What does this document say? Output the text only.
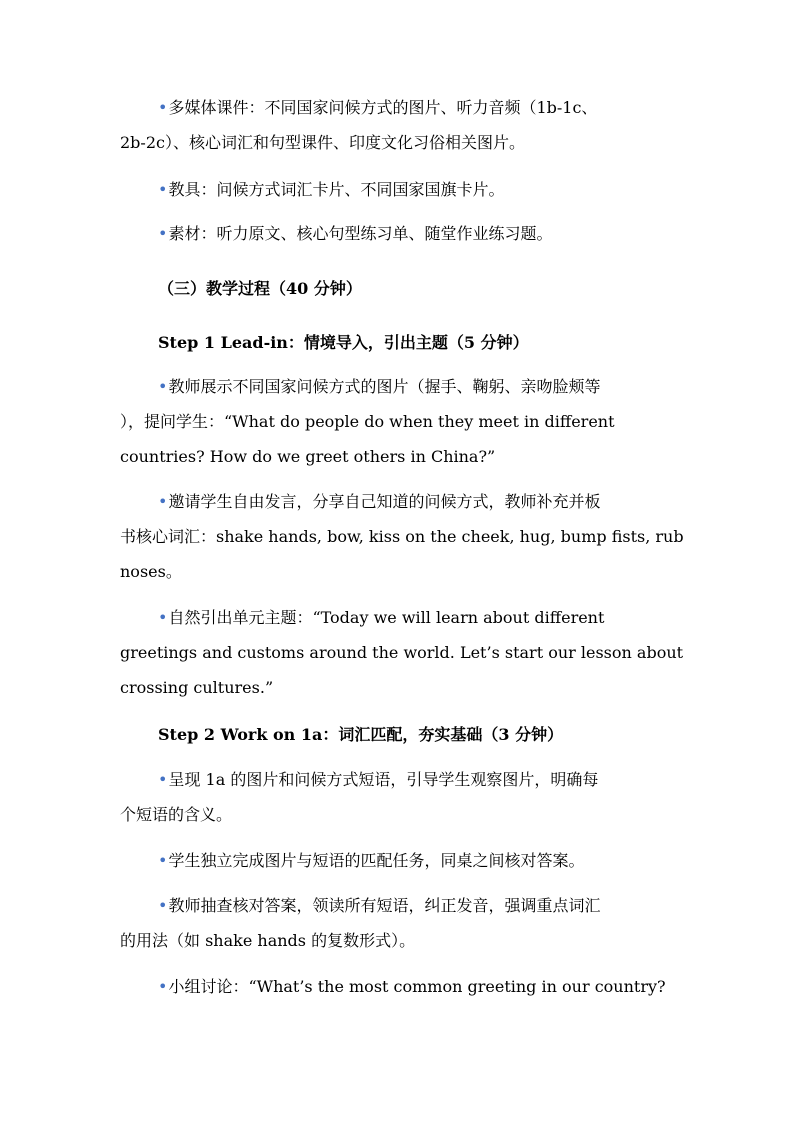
•多媒体课件：不同国家问候方式的图片、听力音频（1b-1c、
2b-2c）、核心词汇和句型课件、印度文化习俗相关图片。
•教具：问候方式词汇卡片、不同国家国旗卡片。
•素材：听力原文、核心句型练习单、随堂作业练习题。
（三）教学过程（40 分钟）
Step 1 Lead-in：情境导入，引出主题（5 分钟）
•教师展示不同国家问候方式的图片（握手、鞠躬、亲吻脸颊等
），提问学生：“What do people do when they meet in different
countries? How do we greet others in China?”
•邀请学生自由发言，分享自己知道的问候方式，教师补充并板
书核心词汇：shake hands, bow, kiss on the cheek, hug, bump fists, rub
noses。
•自然引出单元主题：“Today we will learn about different
greetings and customs around the world. Let’s start our lesson about
crossing cultures.”
Step 2 Work on 1a：词汇匹配，夯实基础（3 分钟）
•呈现 1a 的图片和问候方式短语，引导学生观察图片，明确每
个短语的含义。
•学生独立完成图片与短语的匹配任务，同桌之间核对答案。
•教师抽查核对答案，领读所有短语，纠正发音，强调重点词汇
的用法（如 shake hands 的复数形式）。
•小组讨论：“What’s the most common greeting in our country?
